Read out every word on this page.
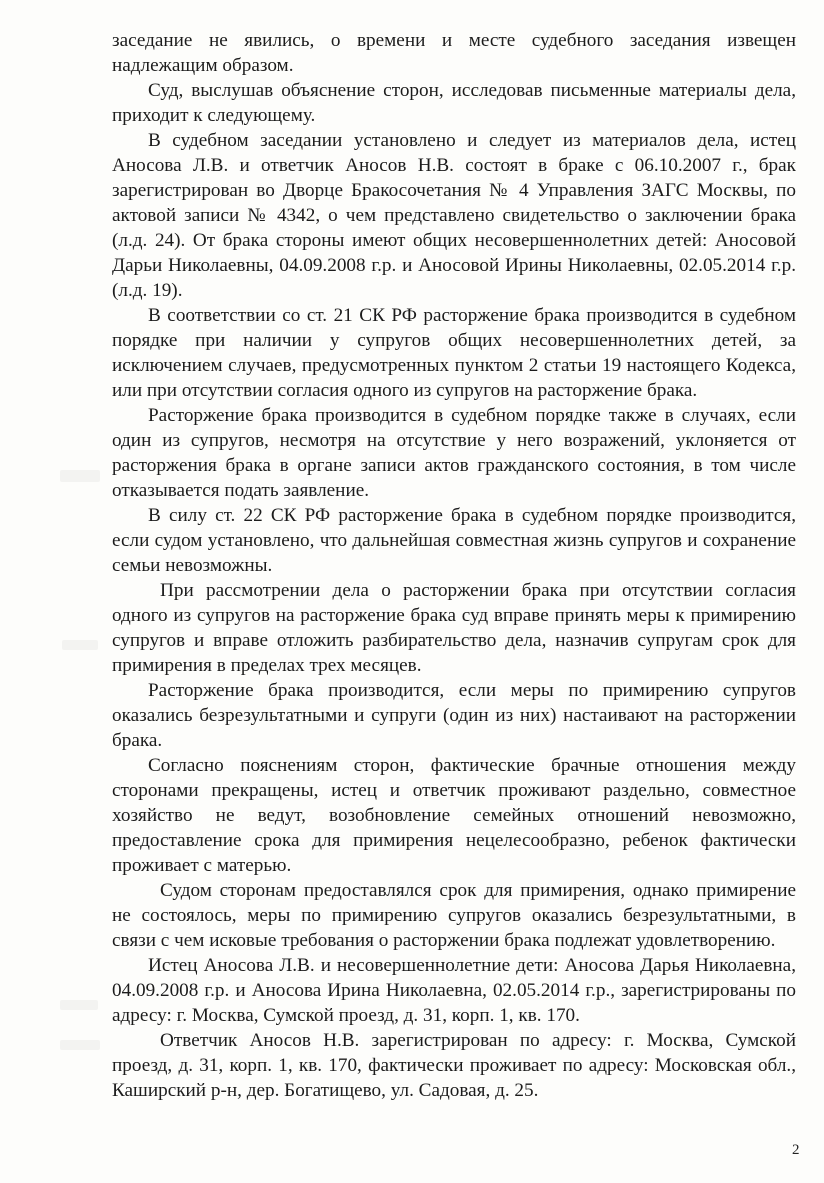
заседание не явились, о времени и месте судебного заседания извещен надлежащим образом.

Суд, выслушав объяснение сторон, исследовав письменные материалы дела, приходит к следующему.

В судебном заседании установлено и следует из материалов дела, истец Аносова Л.В. и ответчик Аносов Н.В. состоят в браке с 06.10.2007 г., брак зарегистрирован во Дворце Бракосочетания № 4 Управления ЗАГС Москвы, по актовой записи № 4342, о чем представлено свидетельство о заключении брака (л.д. 24). От брака стороны имеют общих несовершеннолетних детей: Аносовой Дарьи Николаевны, 04.09.2008 г.р. и Аносовой Ирины Николаевны, 02.05.2014 г.р. (л.д. 19).

В соответствии со ст. 21 СК РФ расторжение брака производится в судебном порядке при наличии у супругов общих несовершеннолетних детей, за исключением случаев, предусмотренных пунктом 2 статьи 19 настоящего Кодекса, или при отсутствии согласия одного из супругов на расторжение брака.

Расторжение брака производится в судебном порядке также в случаях, если один из супругов, несмотря на отсутствие у него возражений, уклоняется от расторжения брака в органе записи актов гражданского состояния, в том числе отказывается подать заявление.

В силу ст. 22 СК РФ расторжение брака в судебном порядке производится, если судом установлено, что дальнейшая совместная жизнь супругов и сохранение семьи невозможны.

При рассмотрении дела о расторжении брака при отсутствии согласия одного из супругов на расторжение брака суд вправе принять меры к примирению супругов и вправе отложить разбирательство дела, назначив супругам срок для примирения в пределах трех месяцев.

Расторжение брака производится, если меры по примирению супругов оказались безрезультатными и супруги (один из них) настаивают на расторжении брака.

Согласно пояснениям сторон, фактические брачные отношения между сторонами прекращены, истец и ответчик проживают раздельно, совместное хозяйство не ведут, возобновление семейных отношений невозможно, предоставление срока для примирения нецелесообразно, ребенок фактически проживает с матерью.

Судом сторонам предоставлялся срок для примирения, однако примирение не состоялось, меры по примирению супругов оказались безрезультатными, в связи с чем исковые требования о расторжении брака подлежат удовлетворению.

Истец Аносова Л.В. и несовершеннолетние дети: Аносова Дарья Николаевна, 04.09.2008 г.р. и Аносова Ирина Николаевна, 02.05.2014 г.р., зарегистрированы по адресу: г. Москва, Сумской проезд, д. 31, корп. 1, кв. 170.

Ответчик Аносов Н.В. зарегистрирован по адресу: г. Москва, Сумской проезд, д. 31, корп. 1, кв. 170, фактически проживает по адресу: Московская обл., Каширский р-н, дер. Богатищево, ул. Садовая, д. 25.

2
